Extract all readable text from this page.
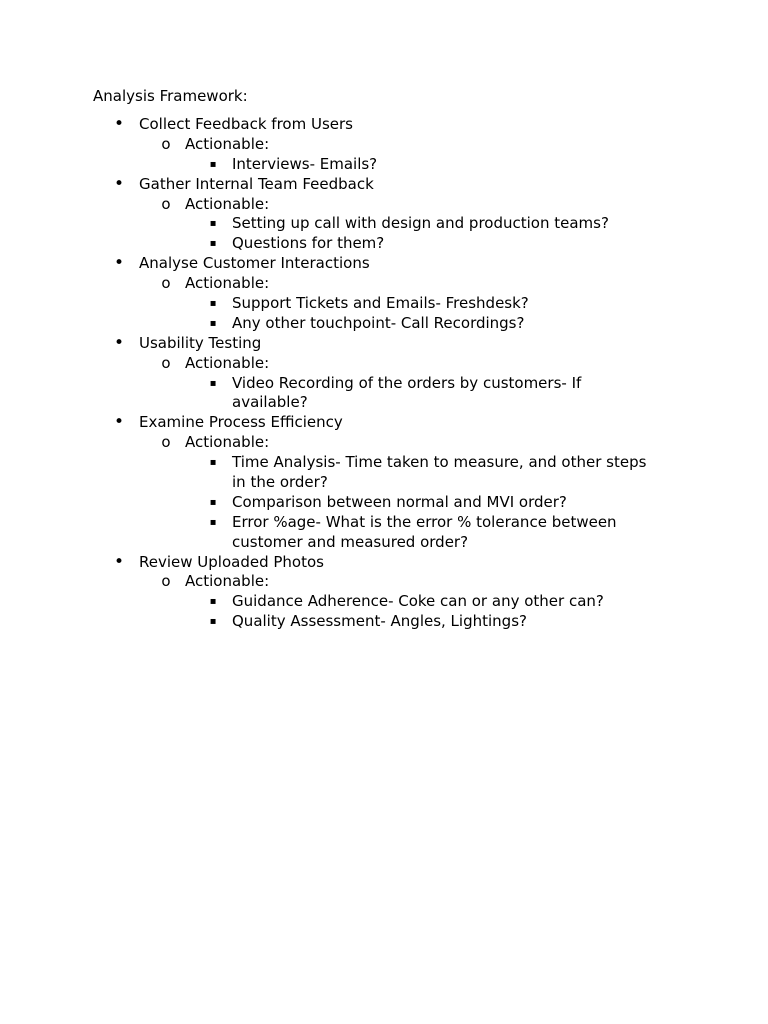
Analysis Framework:
• Collect Feedback from Users
o Actionable:
▪ Interviews- Emails?
• Gather Internal Team Feedback
o Actionable:
▪ Setting up call with design and production teams?
▪ Questions for them?
• Analyse Customer Interactions
o Actionable:
▪ Support Tickets and Emails- Freshdesk?
▪ Any other touchpoint- Call Recordings?
• Usability Testing
o Actionable:
▪ Video Recording of the orders by customers- If
available?
• Examine Process Efficiency
o Actionable:
▪ Time Analysis- Time taken to measure, and other steps
in the order?
▪ Comparison between normal and MVI order?
▪ Error %age- What is the error % tolerance between
customer and measured order?
• Review Uploaded Photos
o Actionable:
▪ Guidance Adherence- Coke can or any other can?
▪ Quality Assessment- Angles, Lightings?
